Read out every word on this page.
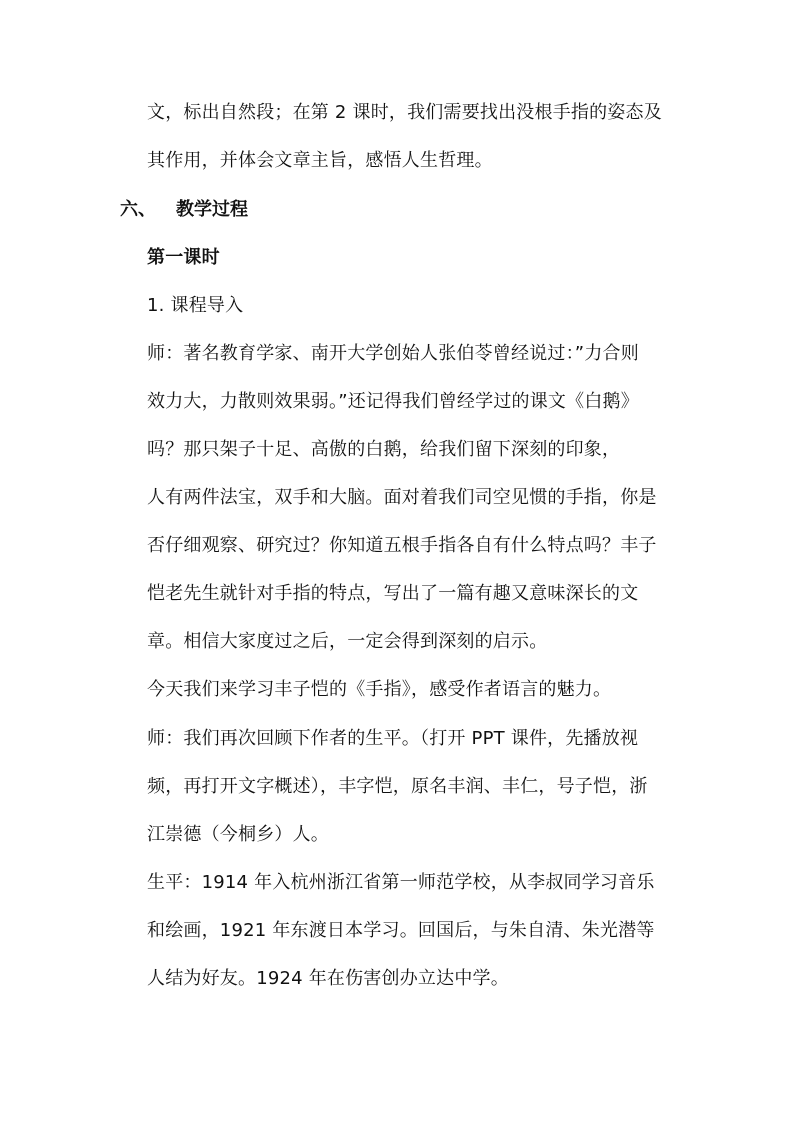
文，标出自然段；在第 2 课时，我们需要找出没根手指的姿态及
其作用，并体会文章主旨，感悟人生哲理。
六、 教学过程
第一课时
1. 课程导入
师：著名教育学家、南开大学创始人张伯苓曾经说过：”力合则
效力大，力散则效果弱。”还记得我们曾经学过的课文《白鹅》
吗？那只架子十足、高傲的白鹅，给我们留下深刻的印象，
人有两件法宝，双手和大脑。面对着我们司空见惯的手指，你是
否仔细观察、研究过？你知道五根手指各自有什么特点吗？丰子
恺老先生就针对手指的特点，写出了一篇有趣又意味深长的文
章。相信大家度过之后，一定会得到深刻的启示。
今天我们来学习丰子恺的《手指》，感受作者语言的魅力。
师：我们再次回顾下作者的生平。（打开 PPT 课件，先播放视
频，再打开文字概述），丰字恺，原名丰润、丰仁，号子恺，浙
江崇德（今桐乡）人。
生平：1914 年入杭州浙江省第一师范学校，从李叔同学习音乐
和绘画，1921 年东渡日本学习。回国后，与朱自清、朱光潜等
人结为好友。1924 年在伤害创办立达中学。
